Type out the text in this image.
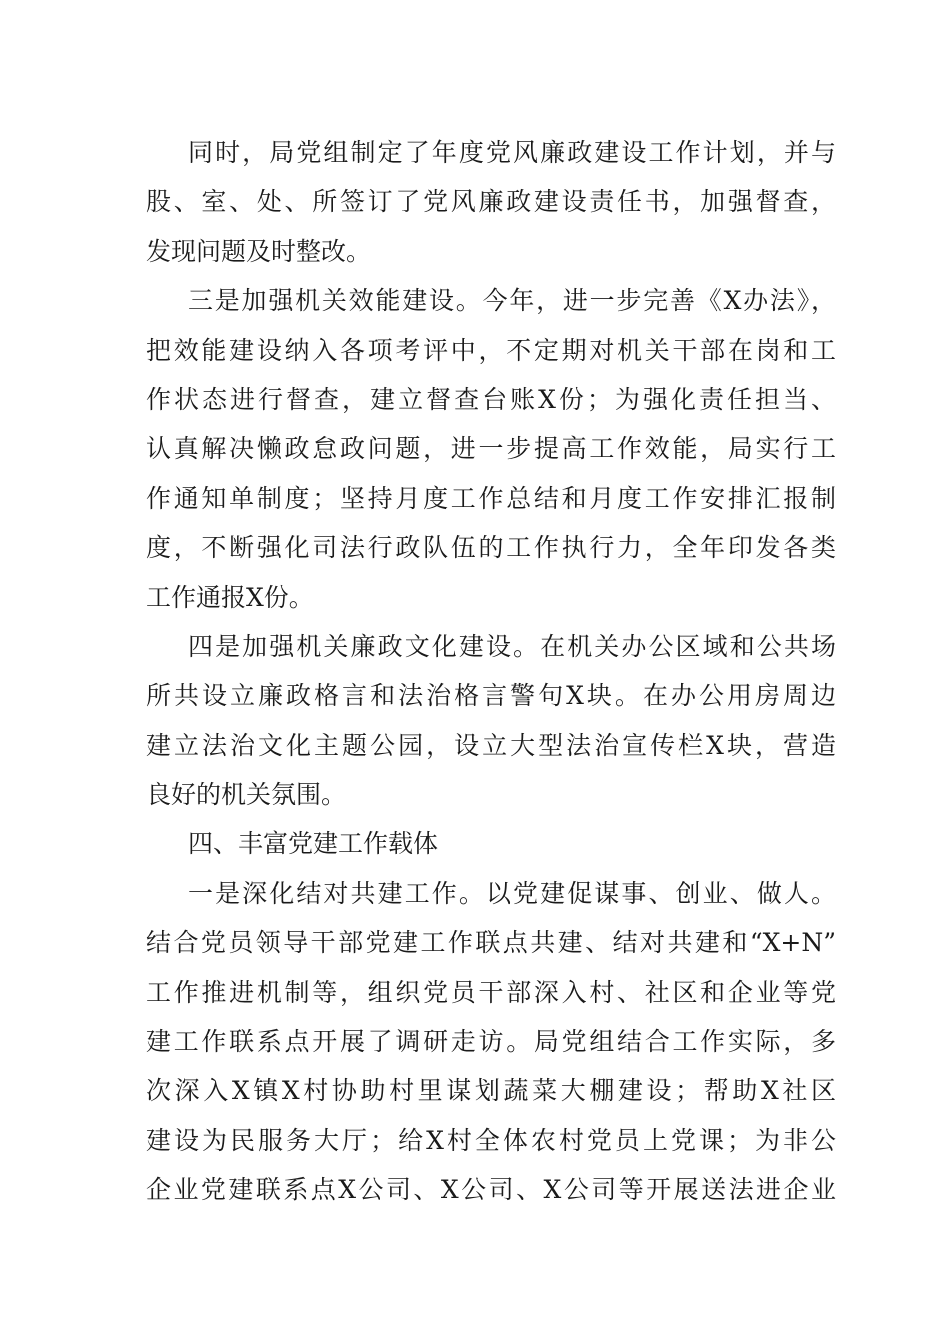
同时，局党组制定了年度党风廉政建设工作计划，并与
股、室、处、所签订了党风廉政建设责任书，加强督查，
发现问题及时整改。
三是加强机关效能建设。今年，进一步完善《X办法》，
把效能建设纳入各项考评中，不定期对机关干部在岗和工
作状态进行督查，建立督查台账X份；为强化责任担当、
认真解决懒政怠政问题，进一步提高工作效能，局实行工
作通知单制度；坚持月度工作总结和月度工作安排汇报制
度，不断强化司法行政队伍的工作执行力，全年印发各类
工作通报X份。
四是加强机关廉政文化建设。在机关办公区域和公共场
所共设立廉政格言和法治格言警句X块。在办公用房周边
建立法治文化主题公园，设立大型法治宣传栏X块，营造
良好的机关氛围。
四、丰富党建工作载体
一是深化结对共建工作。以党建促谋事、创业、做人。
结合党员领导干部党建工作联点共建、结对共建和“X+N”
工作推进机制等，组织党员干部深入村、社区和企业等党
建工作联系点开展了调研走访。局党组结合工作实际，多
次深入X镇X村协助村里谋划蔬菜大棚建设；帮助X社区
建设为民服务大厅；给X村全体农村党员上党课；为非公
企业党建联系点X公司、X公司、X公司等开展送法进企业
